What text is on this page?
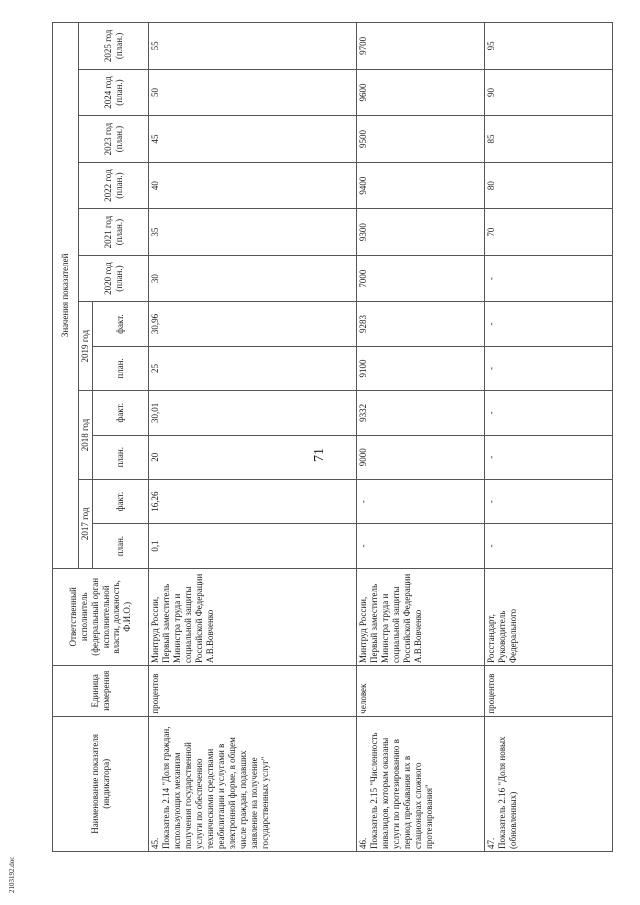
71
2103192.doc
Наименование показателя (индикатора)	Единица измерения	Ответственный исполнитель (федеральный орган исполнительной власти, должность, Ф.И.О.)	Значения показателей											
			2017 год		2018 год		2019 год		2020 год (план.)	2021 год (план.)	2022 год (план.)	2023 год (план.)	2024 год (план.)	2025 год (план.)
			план.	факт.	план.	факт.	план.	факт.						
45. Показатель 2.14 "Доля граждан, использующих механизм получения государственной услуги по обеспечению техническими средствами реабилитации и услугами в электронной форме, в общем числе граждан, подавших заявление на получение государственных услуг"	процентов	Минтруд России, Первый заместитель Министра труда и социальной защиты Российской Федерации А.В.Вовченко	0,1	16,26	20	30,01	25	30,96	30	35	40	45	50	55
46. Показатель 2.15 "Численность инвалидов, которым оказаны услуги по протезированию в период пребывания их в стационарах сложного протезирования"	человек	Минтруд России, Первый заместитель Министра труда и социальной защиты Российской Федерации А.В.Вовченко	-	-	9000	9332	9100	9283	7000	9300	9400	9500	9600	9700
47. Показатель 2.16 "Доля новых (обновленных)	процентов	Росстандарт, Руководитель Федерального	-	-	-	-	-	-	-	70	80	85	90	95
